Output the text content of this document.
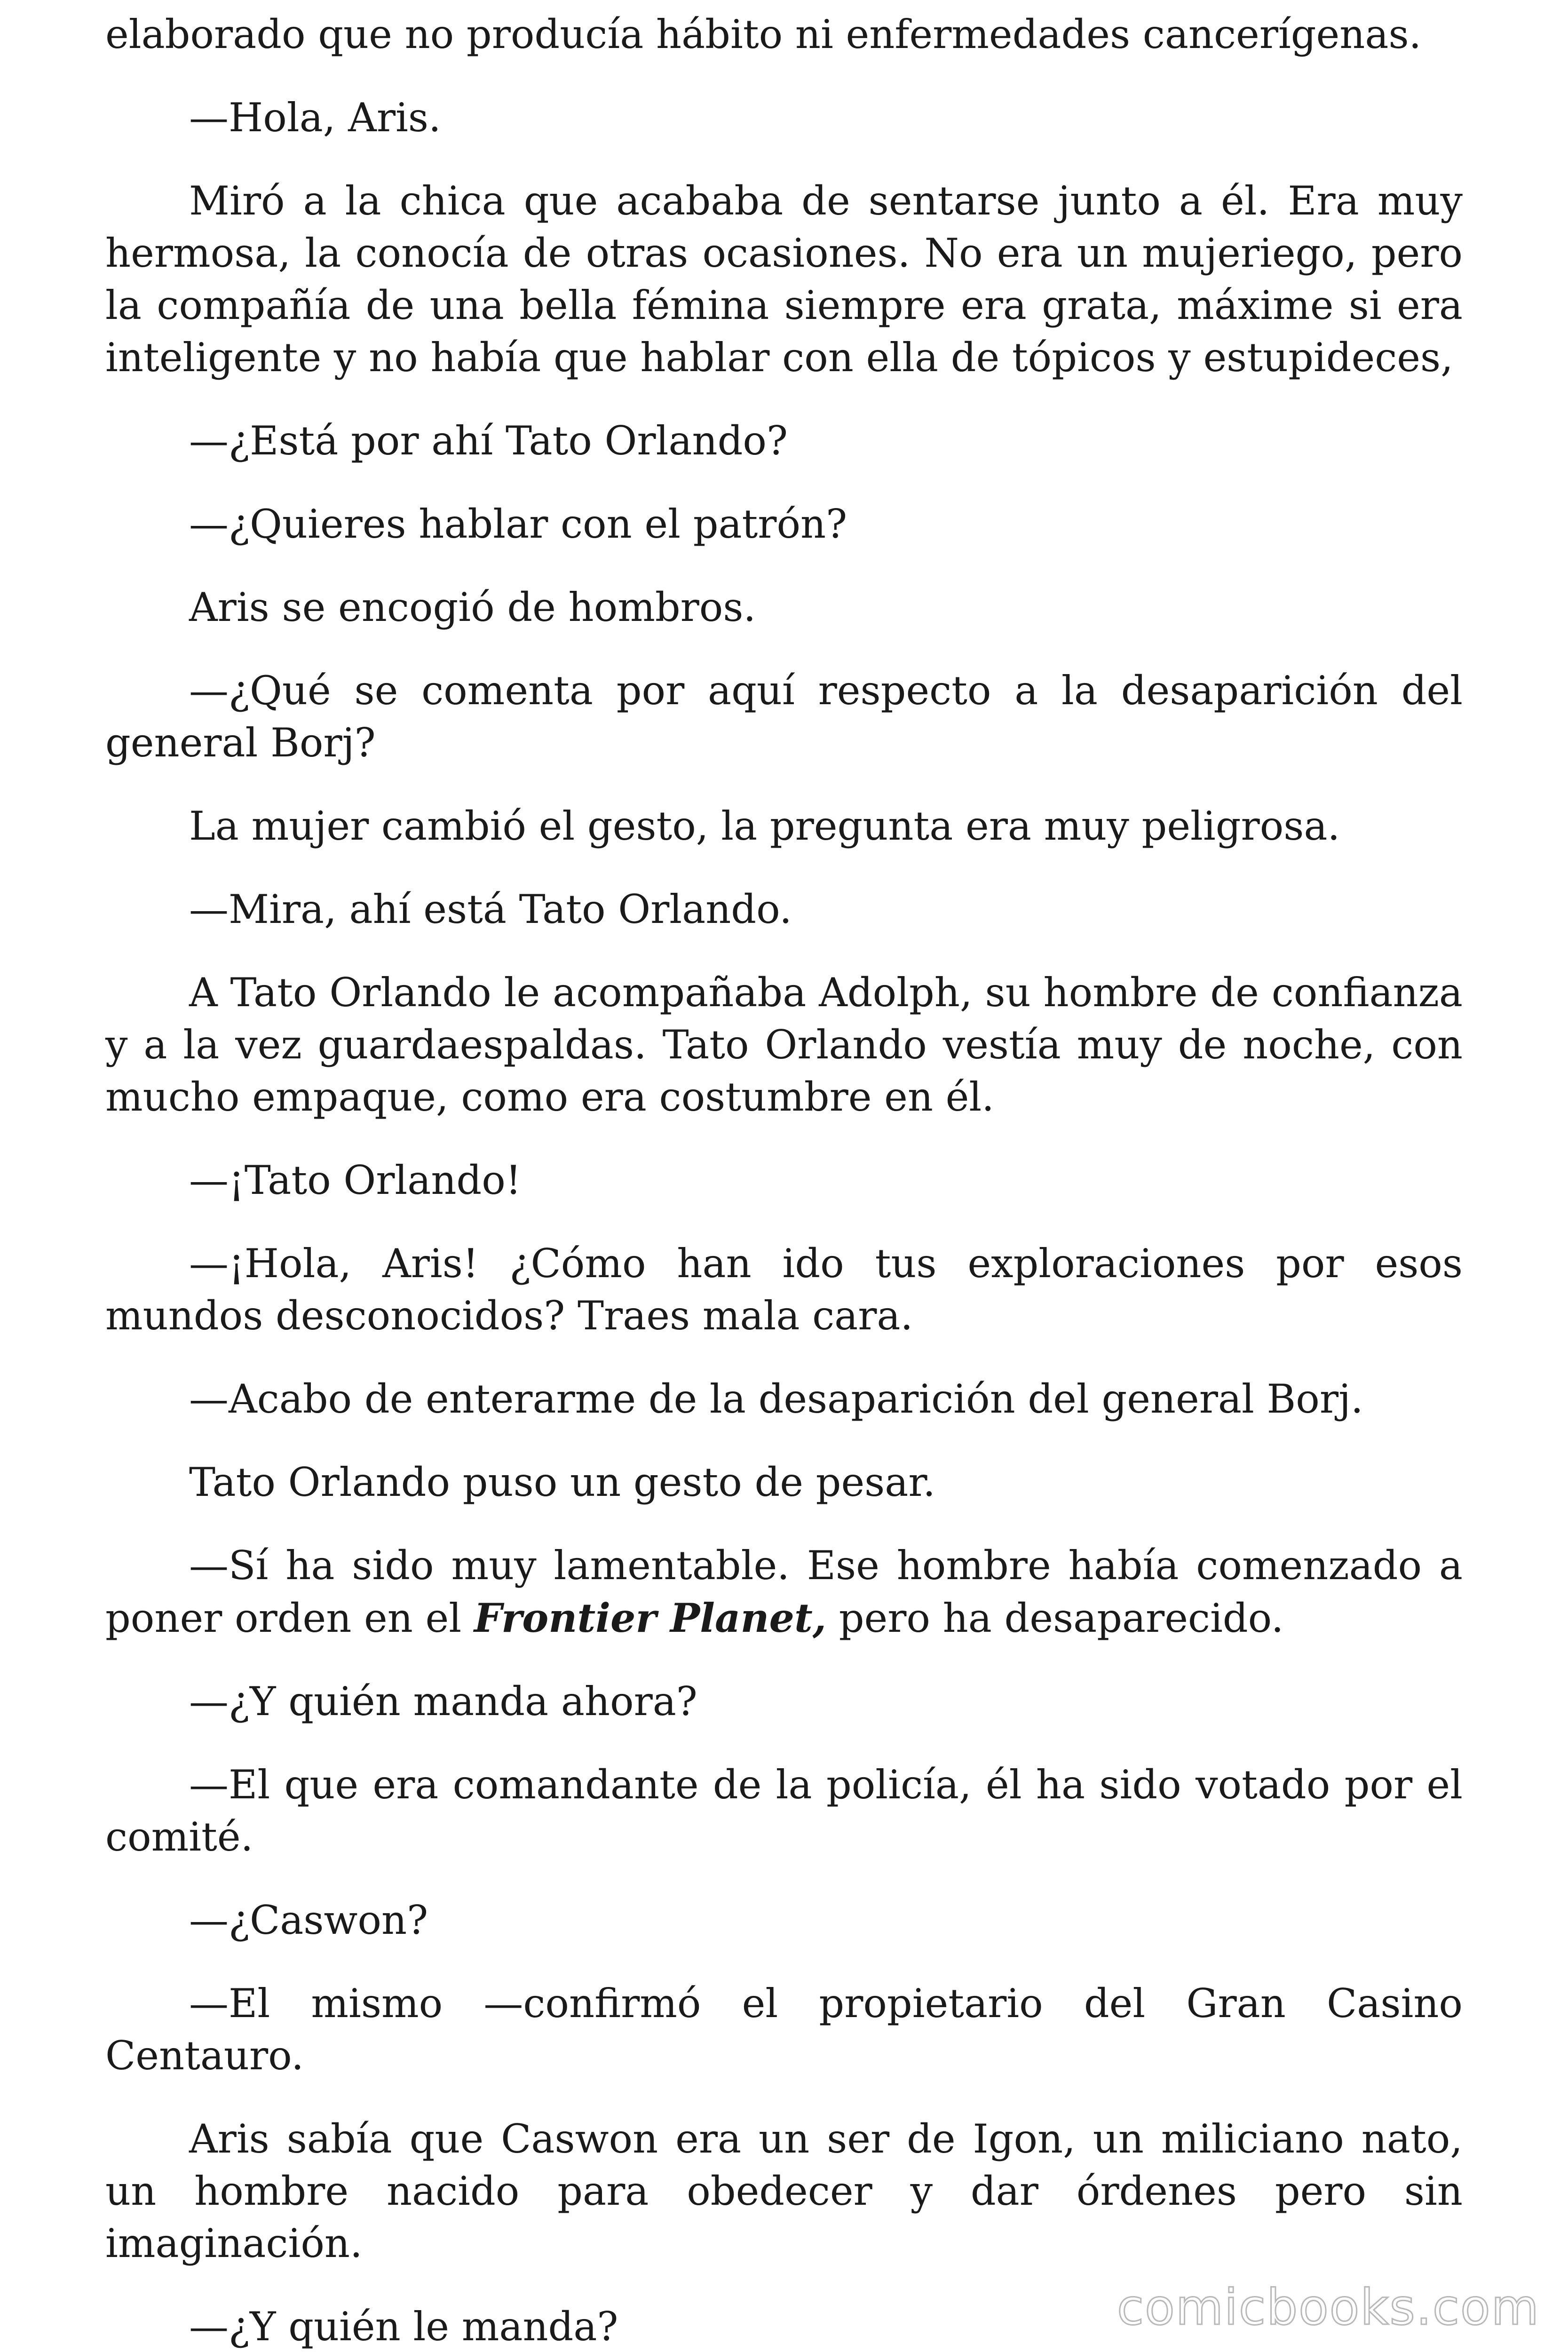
elaborado que no producía hábito ni enfermedades cancerígenas.

—Hola, Aris.

Miró a la chica que acababa de sentarse junto a él. Era muy hermosa, la conocía de otras ocasiones. No era un mujeriego, pero la compañía de una bella fémina siempre era grata, máxime si era inteligente y no había que hablar con ella de tópicos y estupideces,

—¿Está por ahí Tato Orlando?

—¿Quieres hablar con el patrón?

Aris se encogió de hombros.

—¿Qué se comenta por aquí respecto a la desaparición del general Borj?

La mujer cambió el gesto, la pregunta era muy peligrosa.

—Mira, ahí está Tato Orlando.

A Tato Orlando le acompañaba Adolph, su hombre de confianza y a la vez guardaespaldas. Tato Orlando vestía muy de noche, con mucho empaque, como era costumbre en él.

—¡Tato Orlando!

—¡Hola, Aris! ¿Cómo han ido tus exploraciones por esos mundos desconocidos? Traes mala cara.

—Acabo de enterarme de la desaparición del general Borj.

Tato Orlando puso un gesto de pesar.

—Sí ha sido muy lamentable. Ese hombre había comenzado a poner orden en el Frontier Planet, pero ha desaparecido.

—¿Y quién manda ahora?

—El que era comandante de la policía, él ha sido votado por el comité.

—¿Caswon?

—El mismo —confirmó el propietario del Gran Casino Centauro.

Aris sabía que Caswon era un ser de Igon, un miliciano nato, un hombre nacido para obedecer y dar órdenes pero sin imaginación.

—¿Y quién le manda?	comicbooks.com
